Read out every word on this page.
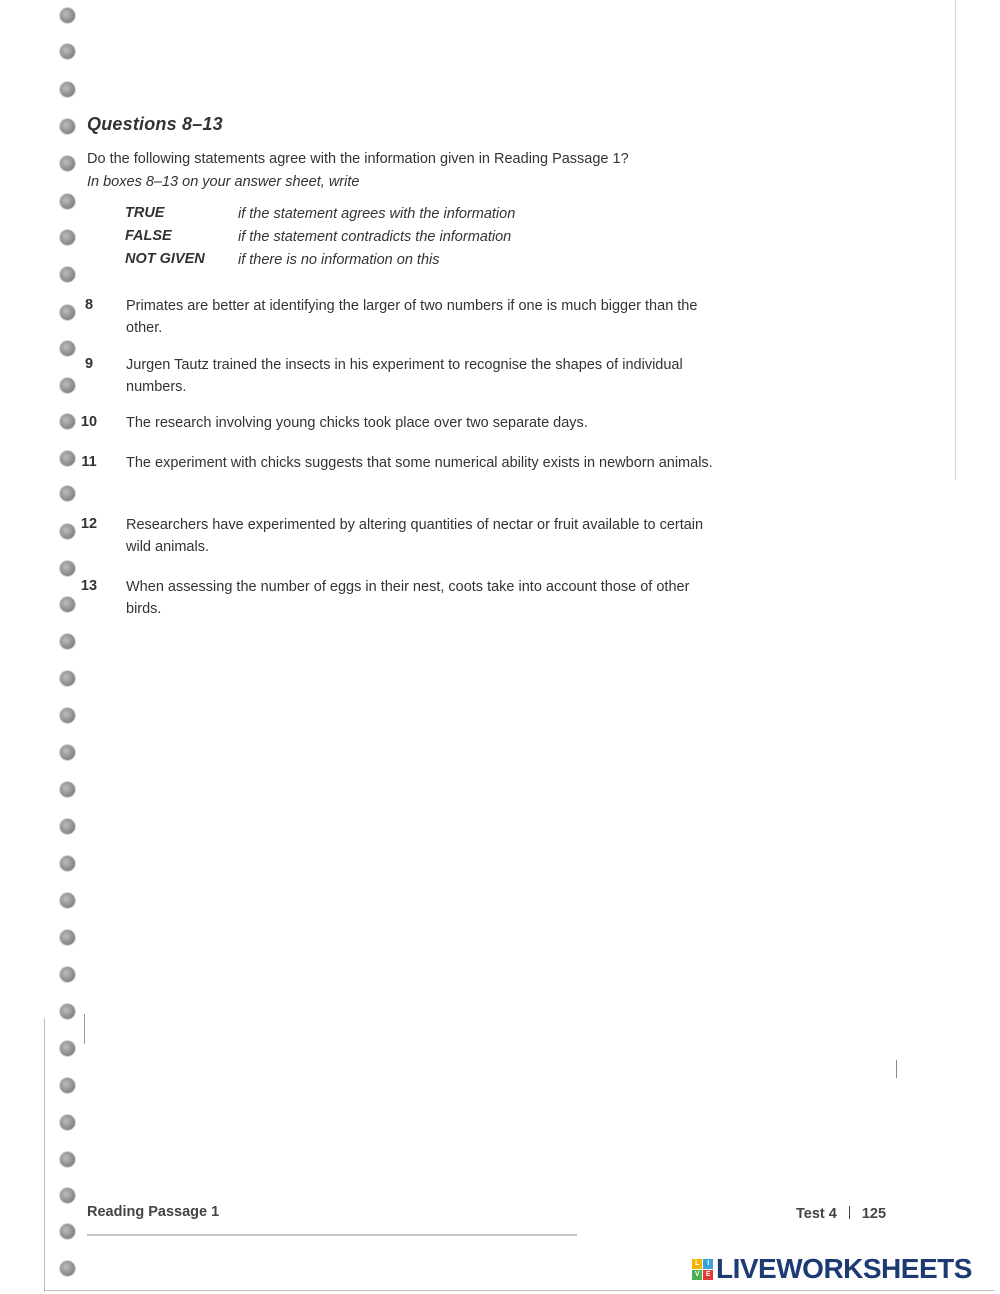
Questions 8–13
Do the following statements agree with the information given in Reading Passage 1?
In boxes 8–13 on your answer sheet, write
TRUE	if the statement agrees with the information
FALSE	if the statement contradicts the information
NOT GIVEN if there is no information on this
8	Primates are better at identifying the larger of two numbers if one is much bigger than the other.
9	Jurgen Tautz trained the insects in his experiment to recognise the shapes of individual numbers.
10 The research involving young chicks took place over two separate days.
11 The experiment with chicks suggests that some numerical ability exists in newborn animals.
12 Researchers have experimented by altering quantities of nectar or fruit available to certain wild animals.
13 When assessing the number of eggs in their nest, coots take into account those of other birds.
Reading Passage 1	Test 4 125
L	I
V E LIVEWORKSHEETS
